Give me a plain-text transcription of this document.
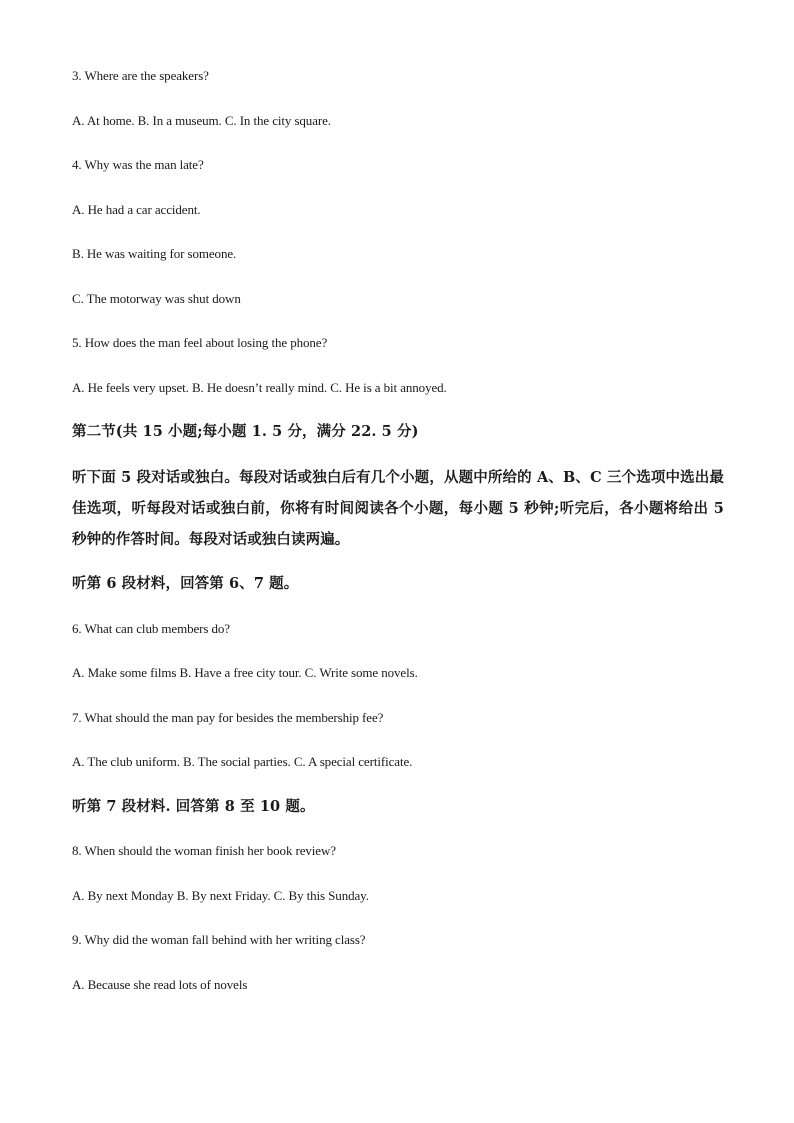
3. Where are the speakers?

A. At home. B. In a museum. C. In the city square.

4. Why was the man late?

A. He had a car accident.

B. He was waiting for someone.

C. The motorway was shut down

5. How does the man feel about losing the phone?

A. He feels very upset. B. He doesn’t really mind. C. He is a bit annoyed.

第二节(共 15 小题;每小题 1. 5 分，满分 22. 5 分)

听下面 5 段对话或独白。每段对话或独白后有几个小题，从题中所给的 A、B、C 三个选项中选出最佳选项，听每段对话或独白前，你将有时间阅读各个小题，每小题 5 秒钟;听完后，各小题将给出 5 秒钟的作答时间。每段对话或独白读两遍。

听第 6 段材料，回答第 6、7 题。

6. What can club members do?

A. Make some films B. Have a free city tour. C. Write some novels.

7. What should the man pay for besides the membership fee?

A. The club uniform. B. The social parties. C. A special certificate.

听第 7 段材料. 回答第 8 至 10 题。

8. When should the woman finish her book review?

A. By next Monday B. By next Friday. C. By this Sunday.

9. Why did the woman fall behind with her writing class?

A. Because she read lots of novels
